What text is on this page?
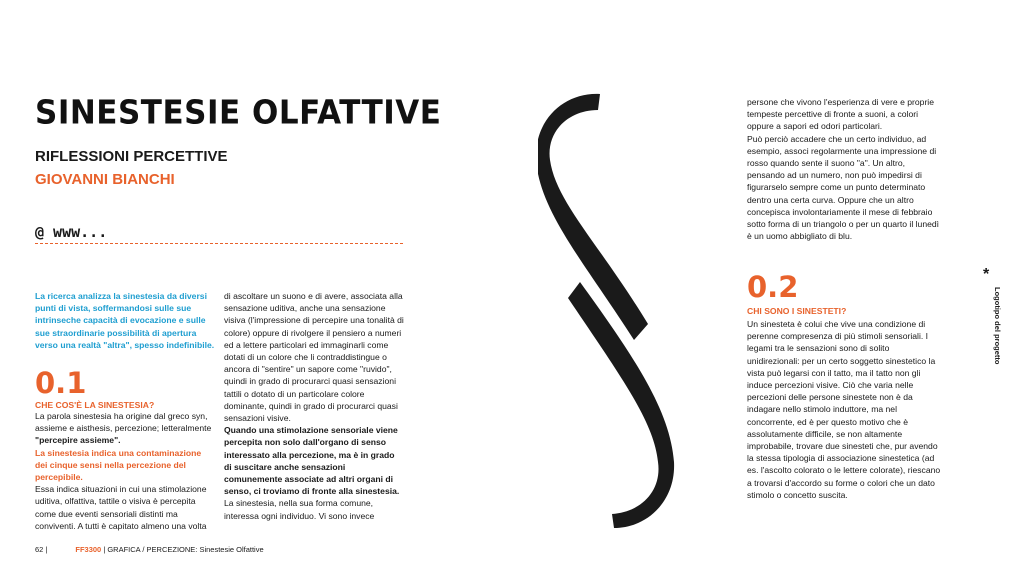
SINESTESIE OLFATTIVE
RIFLESSIONI PERCETTIVE
GIOVANNI BIANCHI
@ www...
La ricerca analizza la sinestesia da diversi punti di vista, soffermandosi sulle sue intrinseche capacità di evocazione e sulle sue straordinarie possibilità di apertura verso una realtà "altra", spesso indefinibile.
0.1
CHE COS'È LA SINESTESIA?
La parola sinestesia ha origine dal greco syn, assieme e aisthesis, percezione; letteralmente "percepire assieme".
La sinestesia indica una contaminazione dei cinque sensi nella percezione del percepibile.
Essa indica situazioni in cui una stimolazione uditiva, olfattiva, tattile o visiva è percepita come due eventi sensoriali distinti ma conviventi. A tutti è capitato almeno una volta
di ascoltare un suono e di avere, associata alla sensazione uditiva, anche una sensazione visiva (l'impressione di percepire una tonalità di colore) oppure di rivolgere il pensiero a numeri ed a lettere particolari ed immaginarli come dotati di un colore che li contraddistingue o ancora di "sentire" un sapore come "ruvido", quindi in grado di procurarci quasi sensazioni tattili o dotato di un particolare colore dominante, quindi in grado di procurarci quasi sensazioni visive.
Quando una stimolazione sensoriale viene percepita non solo dall'organo di senso interessato alla percezione, ma è in grado di suscitare anche sensazioni comunemente associate ad altri organi di senso, ci troviamo di fronte alla sinestesia.
La sinestesia, nella sua forma comune, interessa ogni individuo. Vi sono invece
persone che vivono l'esperienza di vere e proprie tempeste percettive di fronte a suoni, a colori oppure a sapori ed odori particolari.
Può perciò accadere che un certo individuo, ad esempio, associ regolarmente una impressione di rosso quando sente il suono "a". Un altro, pensando ad un numero, non può impedirsi di figurarselo sempre come un punto determinato dentro una certa curva. Oppure che un altro concepisca involontariamente il mese di febbraio sotto forma di un triangolo o per un quarto il lunedì è un uomo abbigliato di blu.
0.2
CHI SONO I SINESTETI?
Un sinesteta è colui che vive una condizione di perenne compresenza di più stimoli sensoriali. I legami tra le sensazioni sono di solito unidirezionali: per un certo soggetto sinestetico la vista può legarsi con il tatto, ma il tatto non gli induce percezioni visive. Ciò che varia nelle percezioni delle persone sinestete non è da indagare nello stimolo induttore, ma nel concorrente, ed è per questo motivo che è assolutamente difficile, se non altamente improbabile, trovare due sinesteti che, pur avendo la stessa tipologia di associazione sinestetica (ad es. l'ascolto colorato o le lettere colorate), riescano a trovarsi d'accordo su forme o colori che un dato stimolo o concetto suscita.
*
Logotipo del progetto
62 |	FF3300 | GRAFICA / PERCEZIONE: Sinestesie Olfattive
